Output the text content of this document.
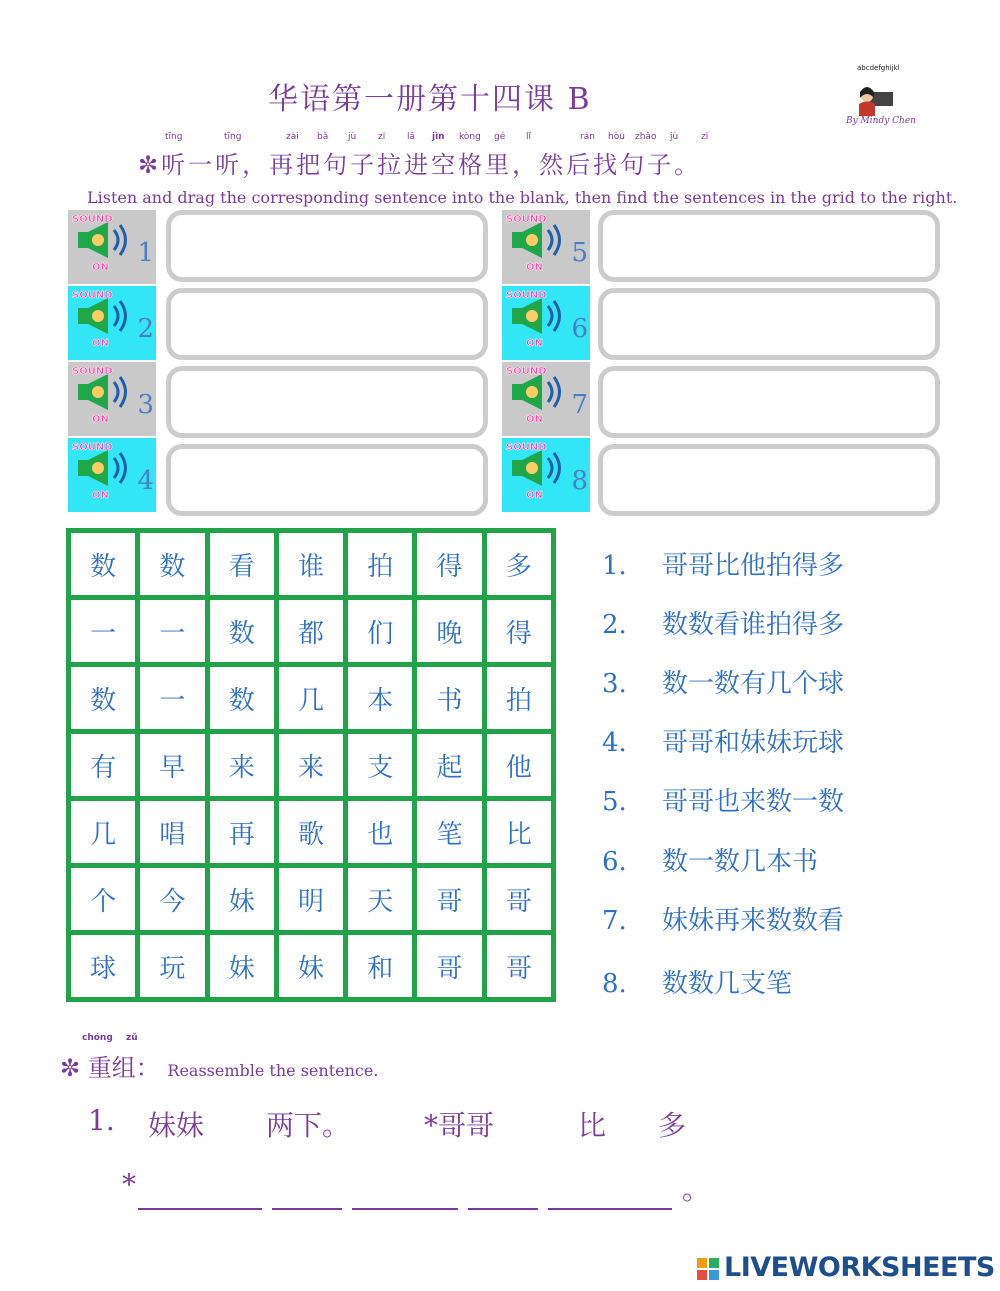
华语第一册第十四课 B
abcdefghijkl
By Mindy Chen
tīng	tīng	zài bǎ jù zi lā jìn kòng gé lǐ	rán hòu zhǎo jù	zi
✼听一听，再把句子拉进空格里，然后找句子。
Listen and drag the corresponding sentence into the blank, then find the sentences in the grid to the right.
SOUND
ON 1
SOUND
ON 2
SOUND
ON 3
SOUND
ON 4
SOUND
ON 5
SOUND
ON 6
SOUND
ON 7
SOUND
ON 8
数	数	看	谁	拍	得	多
一	一	数	都	们	晚	得
数	一	数	几	本	书	拍
有	早	来	来	支	起	他
几	唱	再	歌	也	笔	比
个	今	妹	明	天	哥	哥
球	玩	妹	妹	和	哥	哥
1. 哥哥比他拍得多
2. 数数看谁拍得多
3. 数一数有几个球
4. 哥哥和妹妹玩球
5. 哥哥也来数一数
6. 数一数几本书
7. 妹妹再来数数看
8. 数数几支笔
chóng zǔ
✼ 重组： Reassemble the sentence.
1. 妹妹 两下。	*哥哥	比 多
*	。
LIVEWORKSHEETS
